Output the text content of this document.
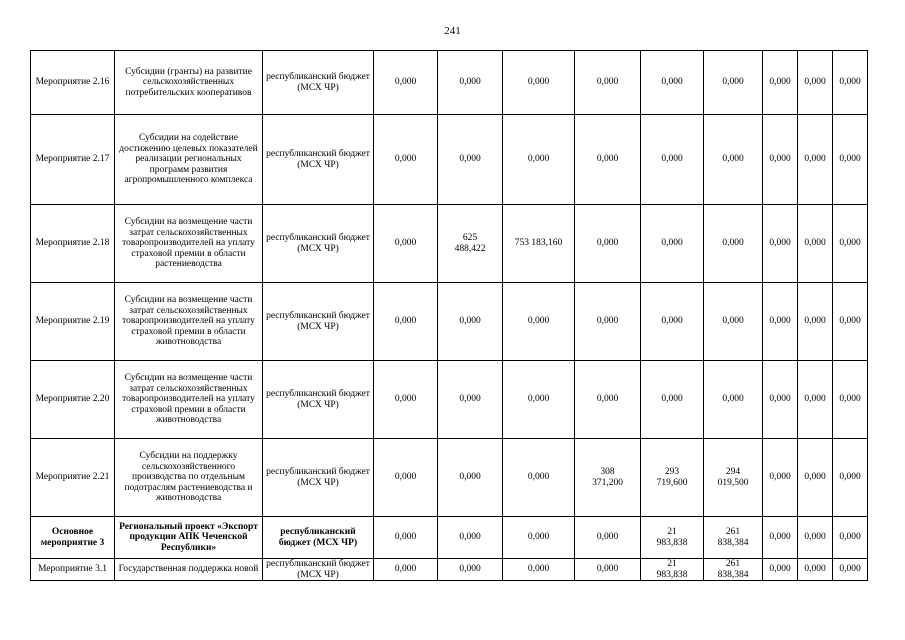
241
Мероприятие 2.16	Субсидии (гранты) на развитие сельскохозяйственных потребительских кооперативов	республиканский бюджет (МСХ ЧР)	0,000	0,000	0,000	0,000	0,000	0,000	0,000	0,000	0,000
Мероприятие 2.17	Субсидии на содействие достижению целевых показателей реализации региональных программ развития агропромышленного комплекса	республиканский бюджет (МСХ ЧР)	0,000	0,000	0,000	0,000	0,000	0,000	0,000	0,000	0,000
Мероприятие 2.18	Субсидии на возмещение части затрат сельскохозяйственных товаропроизводителей на уплату страховой премии в области растениеводства	республиканский бюджет (МСХ ЧР)	0,000	625
488,422	753 183,160	0,000	0,000	0,000	0,000	0,000	0,000
Мероприятие 2.19	Субсидии на возмещение части затрат сельскохозяйственных товаропроизводителей на уплату страховой премии в области животноводства	республиканский бюджет (МСХ ЧР)	0,000	0,000	0,000	0,000	0,000	0,000	0,000	0,000	0,000
Мероприятие 2.20	Субсидии на возмещение части затрат сельскохозяйственных товаропроизводителей на уплату страховой премии в области животноводства	республиканский бюджет (МСХ ЧР)	0,000	0,000	0,000	0,000	0,000	0,000	0,000	0,000	0,000
Мероприятие 2.21	Субсидии на поддержку сельскохозяйственного производства по отдельным подотраслям растениеводства и животноводства	республиканский бюджет (МСХ ЧР)	0,000	0,000	0,000	308
371,200	293
719,600	294
019,500	0,000	0,000	0,000
Основное мероприятие 3	Региональный проект «Экспорт продукции АПК Чеченской Республики»	республиканский бюджет (МСХ ЧР)	0,000	0,000	0,000	0,000	21
983,838	261
838,384	0,000	0,000	0,000
Мероприятие 3.1	Государственная поддержка новой	республиканский бюджет (МСХ ЧР)	0,000	0,000	0,000	0,000	21
983,838	261
838,384	0,000	0,000	0,000
